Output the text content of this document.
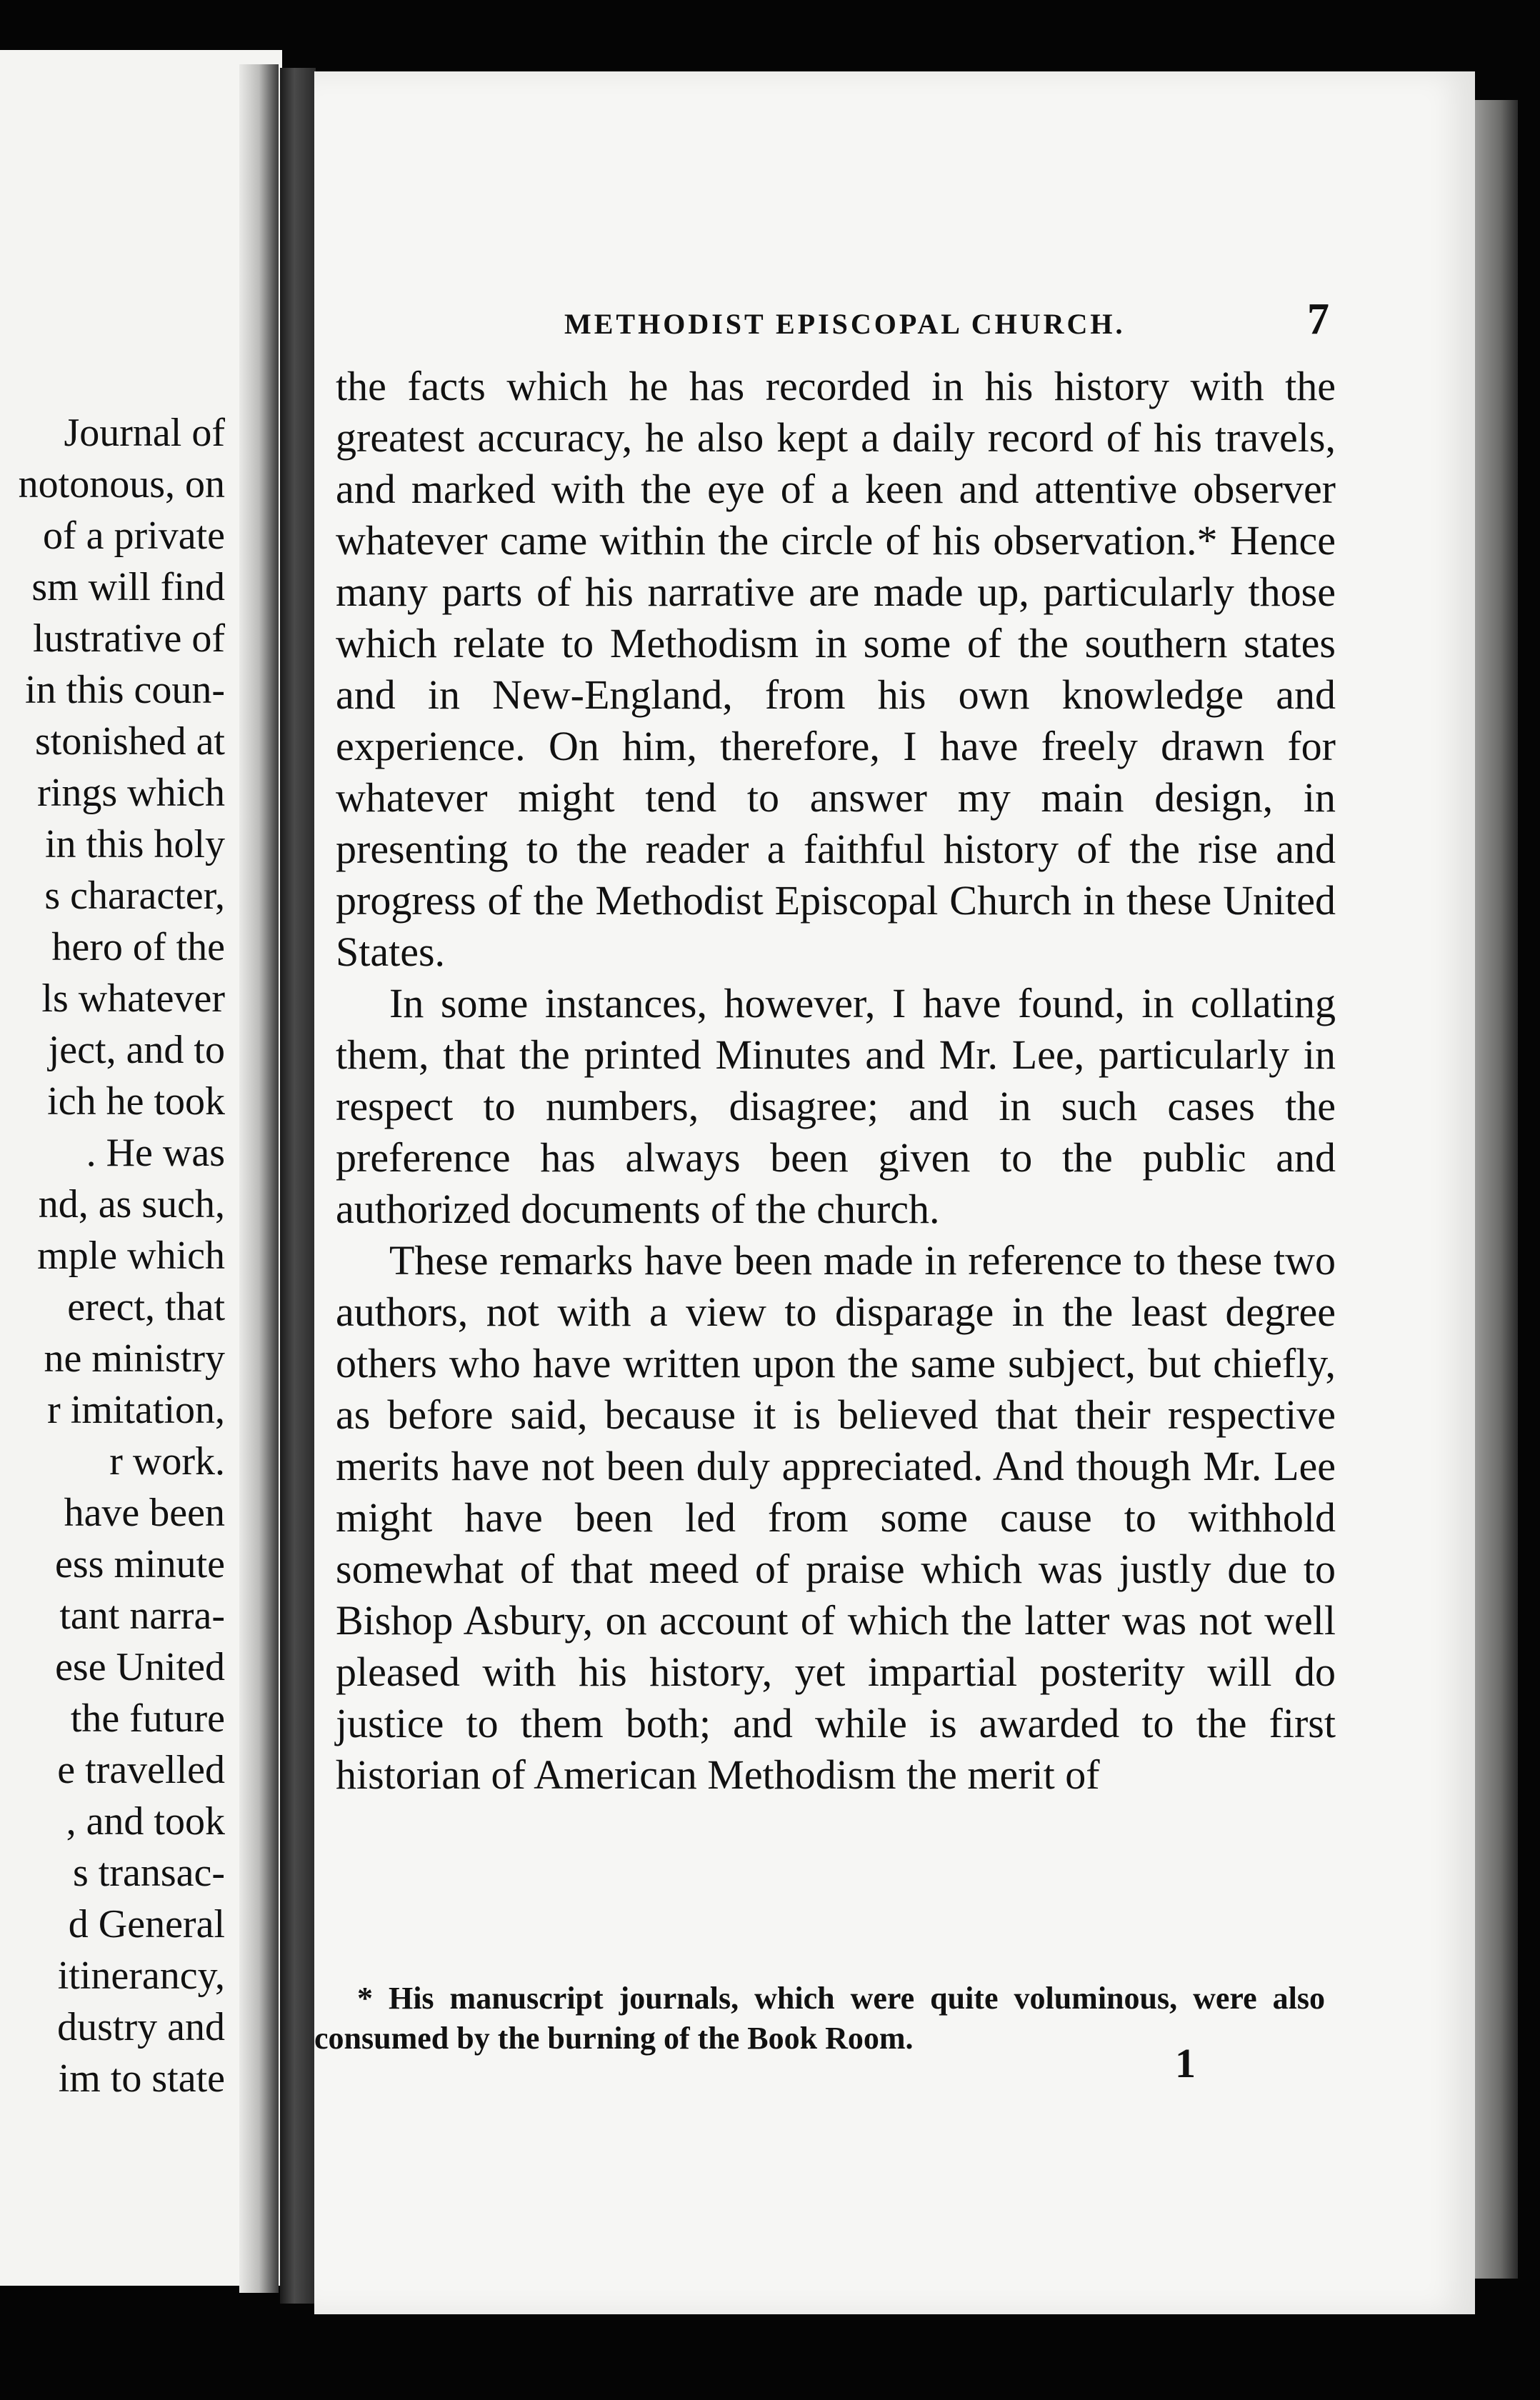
Journal of
notonous, on
of a private
sm will find
lustrative of
in this coun-
stonished at
rings which
in this holy
s character,
hero of the
ls whatever
ject, and to
ich he took
. He was
nd, as such,
mple which
erect, that
ne ministry
r imitation,
r work.
have been
ess minute
tant narra-
ese United
the future
e travelled
, and took
s transac-
d General
itinerancy,
dustry and
im to state
METHODIST EPISCOPAL CHURCH.	7

the facts which he has recorded in his history with the greatest accuracy, he also kept a daily record of his travels, and marked with the eye of a keen and attentive observer whatever came within the circle of his observation.* Hence many parts of his narrative are made up, particularly those which relate to Methodism in some of the southern states and in New-England, from his own knowledge and experience. On him, therefore, I have freely drawn for whatever might tend to answer my main design, in presenting to the reader a faithful history of the rise and progress of the Methodist Episcopal Church in these United States.

In some instances, however, I have found, in collating them, that the printed Minutes and Mr. Lee, particularly in respect to numbers, disagree; and in such cases the preference has always been given to the public and authorized documents of the church.

These remarks have been made in reference to these two authors, not with a view to disparage in the least degree others who have written upon the same subject, but chiefly, as before said, because it is believed that their respective merits have not been duly appreciated. And though Mr. Lee might have been led from some cause to withhold somewhat of that meed of praise which was justly due to Bishop Asbury, on account of which the latter was not well pleased with his history, yet impartial posterity will do justice to them both; and while is awarded to the first historian of American Methodism the merit of

* His manuscript journals, which were quite voluminous, were also consumed by the burning of the Book Room.
1
